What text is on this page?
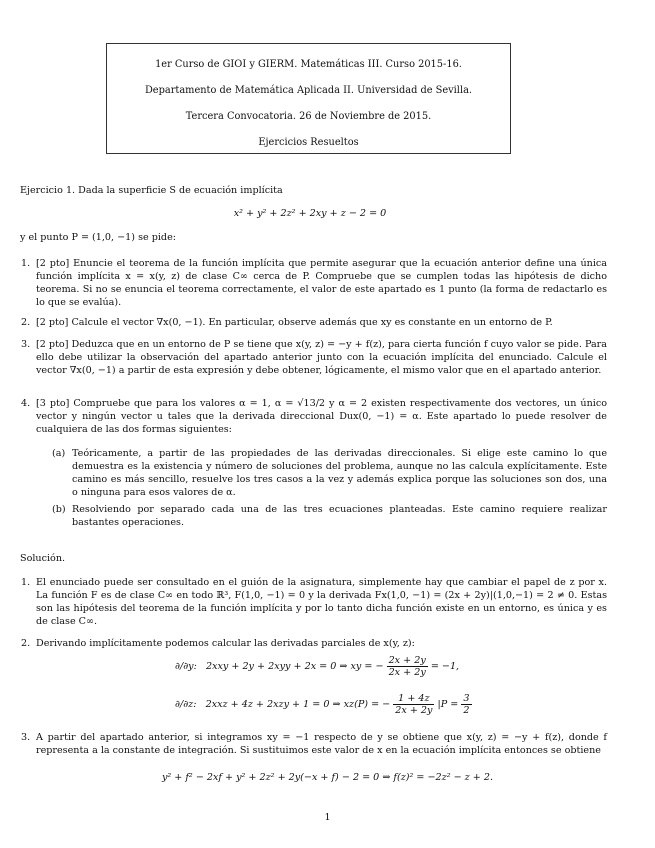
1er Curso de GIOI y GIERM. Matemáticas III. Curso 2015-16.
Departamento de Matemática Aplicada II. Universidad de Sevilla.
Tercera Convocatoria. 26 de Noviembre de 2015.
Ejercicios Resueltos
Ejercicio 1. Dada la superficie S de ecuación implícita
x² + y² + 2z² + 2xy + z − 2 = 0
y el punto P = (1,0, −1) se pide:
1. [2 pto] Enuncie el teorema de la función implícita que permite asegurar que la ecuación anterior define una única función implícita x = x(y, z) de clase C∞ cerca de P. Compruebe que se cumplen todas las hipótesis de dicho teorema. Si no se enuncia el teorema correctamente, el valor de este apartado es 1 punto (la forma de redactarlo es lo que se evalúa).
2. [2 pto] Calcule el vector ∇x(0, −1). En particular, observe además que xy es constante en un entorno de P.
3. [2 pto] Deduzca que en un entorno de P se tiene que x(y, z) = −y + f(z), para cierta función f cuyo valor se pide. Para ello debe utilizar la observación del apartado anterior junto con la ecuación implícita del enunciado. Calcule el vector ∇x(0, −1) a partir de esta expresión y debe obtener, lógicamente, el mismo valor que en el apartado anterior.
4. [3 pto] Compruebe que para los valores α = 1, α = √13/2 y α = 2 existen respectivamente dos vectores, un único vector y ningún vector u tales que la derivada direccional Duх(0, −1) = α. Este apartado lo puede resolver de cualquiera de las dos formas siguientes:
(a) Teóricamente, a partir de las propiedades de las derivadas direccionales. Si elige este camino lo que demuestra es la existencia y número de soluciones del problema, aunque no las calcula explícitamente. Este camino es más sencillo, resuelve los tres casos a la vez y además explica porque las soluciones son dos, una o ninguna para esos valores de α.
(b) Resolviendo por separado cada una de las tres ecuaciones planteadas. Este camino requiere realizar bastantes operaciones.
Solución.
1. El enunciado puede ser consultado en el guión de la asignatura, simplemente hay que cambiar el papel de z por x. La función F es de clase C∞ en todo ℝ³, F(1,0, −1) = 0 y la derivada Fx(1,0, −1) = (2x + 2y)|(1,0,−1) = 2 ≠ 0. Estas son las hipótesis del teorema de la función implícita y por lo tanto dicha función existe en un entorno, es única y es de clase C∞.
2. Derivando implícitamente podemos calcular las derivadas parciales de x(y, z):
∂/∂y: 2xxy + 2y + 2xyy + 2x = 0 ⇒ xy = − $\frac{2x + 2y}{2x + 2y} = -1$,
∂/∂z: 2xxz + 4z + 2xzy + 1 = 0 ⇒ xz(P) = − $\frac{1 + 4z}{2x + 2y} |P = \frac{3}{2}$
3. A partir del apartado anterior, si integramos xy = −1 respecto de y se obtiene que x(y, z) = −y + f(z), donde f representa a la constante de integración. Si sustituimos este valor de x en la ecuación implícita entonces se obtiene
y² + f² − 2xf + y² + 2z² + 2y(−x + f) − 2 = 0 ⇒ f(z)² = −2z² − z + 2.
1
